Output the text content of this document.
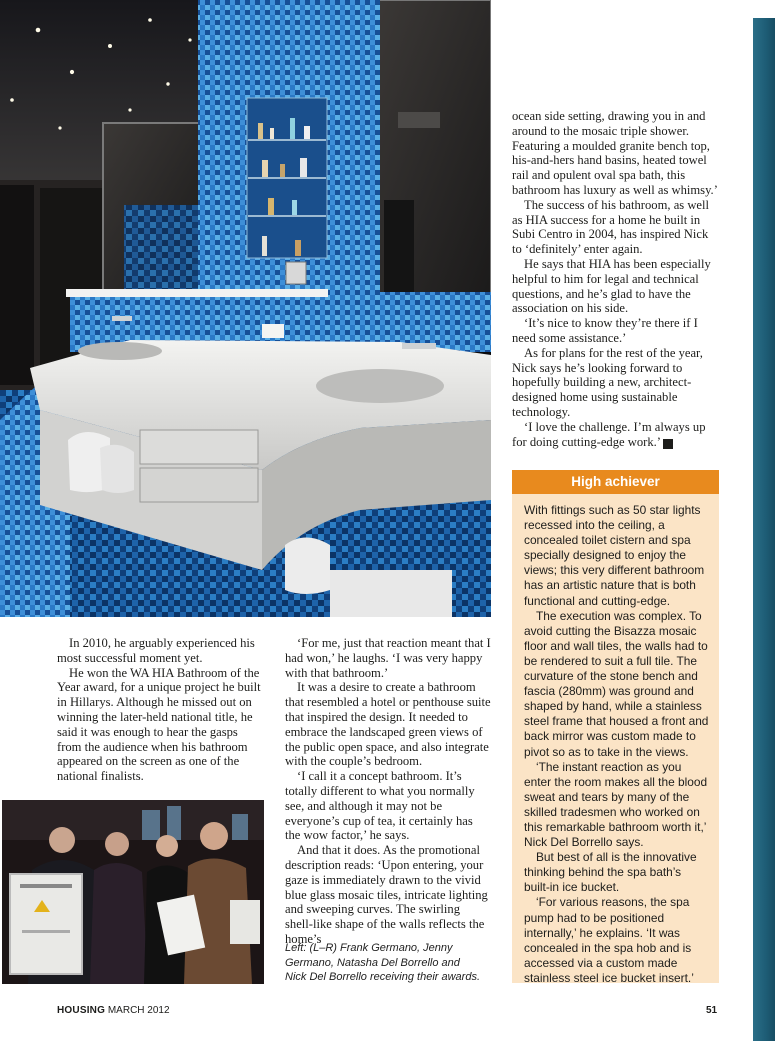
In 2010, he arguably experienced his most successful moment yet.

He won the WA HIA Bathroom of the Year award, for a unique project he built in Hillarys. Although he missed out on winning the later-held national title, he said it was enough to hear the gasps from the audience when his bathroom appeared on the screen as one of the national finalists.

‘For me, just that reaction meant that I had won,’ he laughs. ‘I was very happy with that bathroom.’

It was a desire to create a bathroom that resembled a hotel or penthouse suite that inspired the design. It needed to embrace the landscaped green views of the public open space, and also integrate with the couple’s bedroom.

‘I call it a concept bathroom. It’s totally different to what you normally see, and although it may not be everyone’s cup of tea, it certainly has the wow factor,’ he says.

And that it does. As the promotional description reads: ‘Upon entering, your gaze is immediately drawn to the vivid blue glass mosaic tiles, intricate lighting and sweeping curves. The swirling shell-like shape of the walls reflects the home’s

ocean side setting, drawing you in and around to the mosaic triple shower. Featuring a moulded granite bench top, his-and-hers hand basins, heated towel rail and opulent oval spa bath, this bathroom has luxury as well as whimsy.’

The success of his bathroom, as well as HIA success for a home he built in Subi Centro in 2004, has inspired Nick to ‘definitely’ enter again.

He says that HIA has been especially helpful to him for legal and technical questions, and he’s glad to have the association on his side.

‘It’s nice to know they’re there if I need some assistance.’

As for plans for the rest of the year, Nick says he’s looking forward to hopefully building a new, architect-designed home using sustainable technology.

‘I love the challenge. I’m always up for doing cutting-edge work.’ H

Left: (L–R) Frank Germano, Jenny Germano, Natasha Del Borrello and Nick Del Borrello receiving their awards.
High achiever

With fittings such as 50 star lights recessed into the ceiling, a concealed toilet cistern and spa specially designed to enjoy the views; this very different bathroom has an artistic nature that is both functional and cutting-edge.

The execution was complex. To avoid cutting the Bisazza mosaic floor and wall tiles, the walls had to be rendered to suit a full tile. The curvature of the stone bench and fascia (280mm) was ground and shaped by hand, while a stainless steel frame that housed a front and back mirror was custom made to pivot so as to take in the views.

‘The instant reaction as you enter the room makes all the blood sweat and tears by many of the skilled tradesmen who worked on this remarkable bathroom worth it,’ Nick Del Borrello says.

But best of all is the innovative thinking behind the spa bath’s built-in ice bucket.

‘For various reasons, the spa pump had to be positioned internally,’ he explains. ‘It was concealed in the spa hob and is accessed via a custom made stainless steel ice bucket insert.’

HOUSING MARCH 2012	51
